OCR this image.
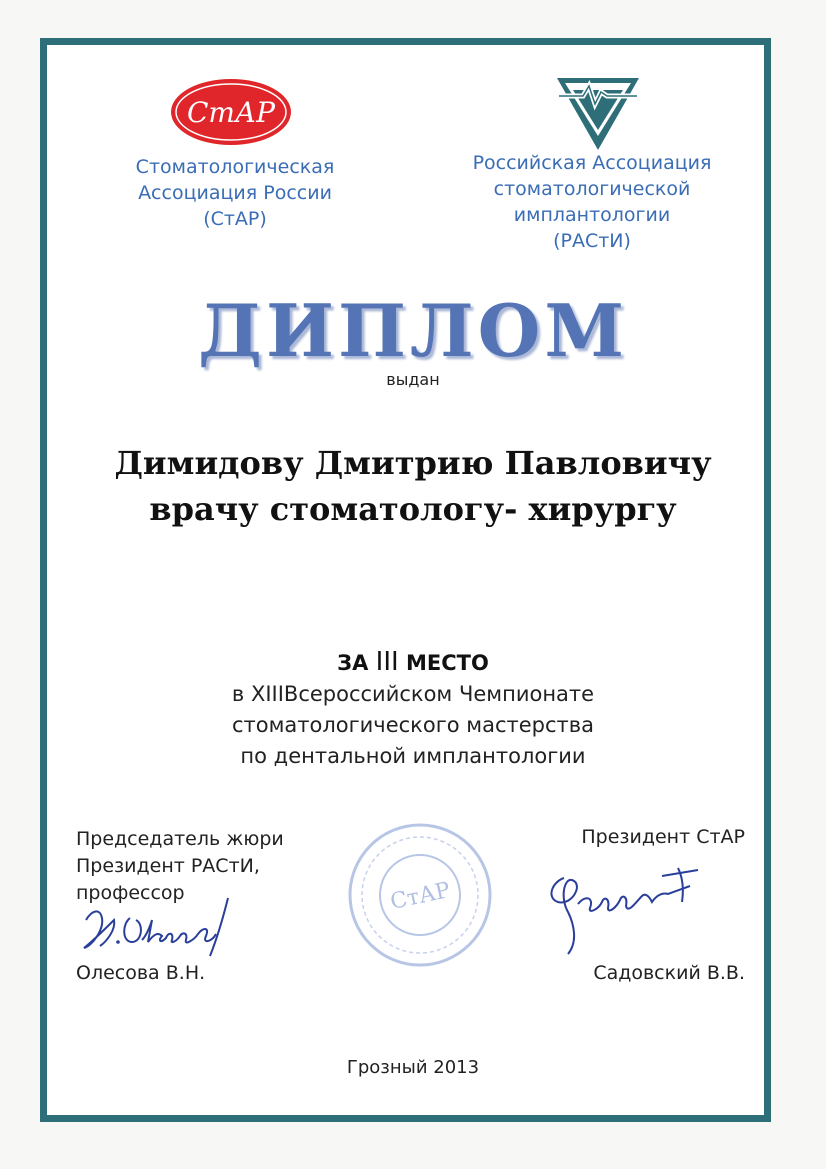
СтАР
Стоматологическая
Ассоциация России
(СтАР)
Российская Ассоциация
стоматологической
имплантологии
(РАСтИ)
ДИПЛОМ
выдан
Димидову Дмитрию Павловичу
врачу стоматологу- хирургу
ЗА III МЕСТО
в XIIIВсероссийском Чемпионате
стоматологического мастерства
по дентальной имплантологии
Председатель жюри
Президент РАСтИ,
профессор
Олесова В.Н.
СтАР
Президент СтАР
Садовский В.В.
Грозный 2013
